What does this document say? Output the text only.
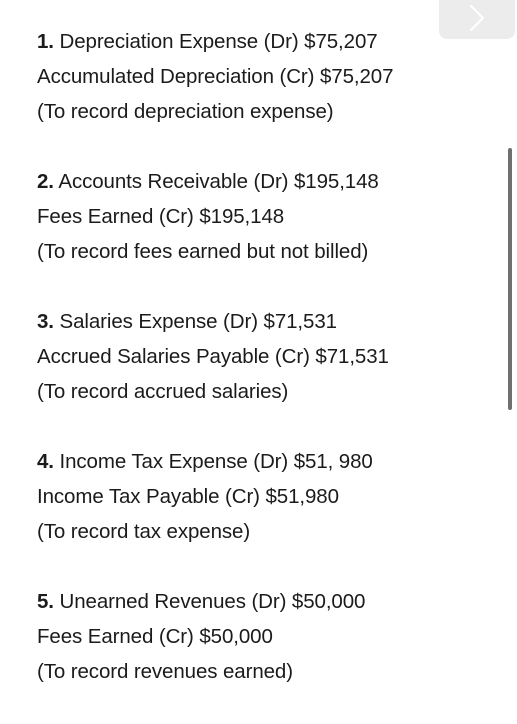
1. Depreciation Expense (Dr) $75,207
Accumulated Depreciation (Cr) $75,207
(To record depreciation expense)
2. Accounts Receivable (Dr) $195,148
Fees Earned (Cr) $195,148
(To record fees earned but not billed)
3. Salaries Expense (Dr) $71,531
Accrued Salaries Payable (Cr) $71,531
(To record accrued salaries)
4. Income Tax Expense (Dr) $51, 980
Income Tax Payable (Cr) $51,980
(To record tax expense)
5. Unearned Revenues (Dr) $50,000
Fees Earned (Cr) $50,000
(To record revenues earned)
